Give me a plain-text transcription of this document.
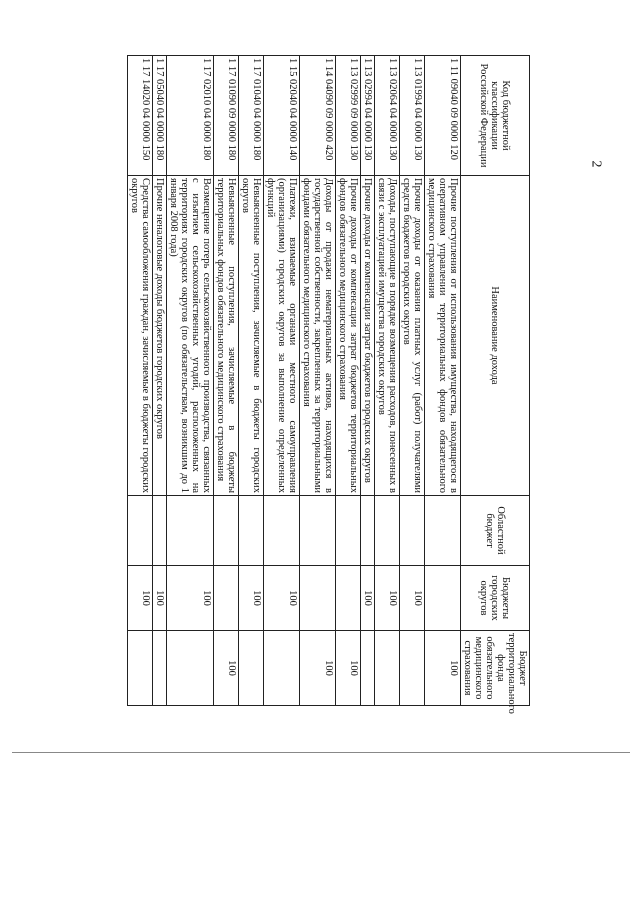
2
Код бюджетной классификации Российской Федерации	Наименование дохода	Областной бюджет	Бюджеты городских округов	Бюджет территориального фонда обязательного медицинского страхования
1 11 09040 09 0000 120	Прочие поступления от использования имущества, находящегося в оперативном управлении территориальных фондов обязательного медицинского страхования			100
1 13 01994 04 0000 130	Прочие доходы от оказания платных услуг (работ) получателями средств бюджетов городских округов		100	
1 13 02064 04 0000 130	Доходы, поступающие в порядке возмещения расходов, понесенных в связи с эксплуатацией имущества городских округов		100	
1 13 02994 04 0000 130	Прочие доходы от компенсации затрат бюджетов городских округов		100	
1 13 02999 09 0000 130	Прочие доходы от компенсации затрат бюджетов территориальных фондов обязательного медицинского страхования			100
1 14 04090 09 0000 420	Доходы от продажи нематериальных активов, находящихся в государственной собственности, закрепленных за территориальными фондами обязательного медицинского страхования			100
1 15 02040 04 0000 140	Платежи, взимаемые органами местного самоуправления (организациями) городских округов за выполнение определенных функций		100	
1 17 01040 04 0000 180	Невыясненные поступления, зачисляемые в бюджеты городских округов		100	
1 17 01090 09 0000 180	Невыясненные поступления, зачисляемые в бюджеты территориальных фондов обязательного медицинского страхования			100
1 17 02010 04 0000 180	Возмещение потерь сельскохозяйственного производства, связанных с изъятием сельскохозяйственных угодий, расположенных на территориях городских округов (по обязательствам, возникшим до 1 января 2008 года)		100	
1 17 05040 04 0000 180	Прочие неналоговые доходы бюджетов городских округов		100	
1 17 14020 04 0000 150	Средства самообложения граждан, зачисляемые в бюджеты городских округов		100	
